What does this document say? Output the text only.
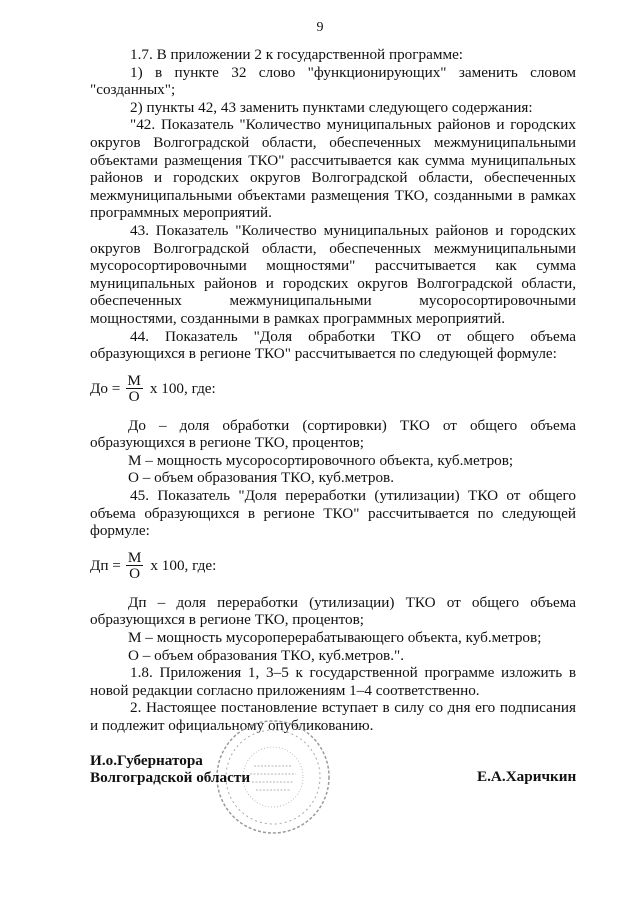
9

1.7. В приложении 2 к государственной программе:

1) в пункте 32 слово "функционирующих" заменить словом "созданных";

2) пункты 42, 43 заменить пунктами следующего содержания:

"42. Показатель "Количество муниципальных районов и городских округов Волгоградской области, обеспеченных межмуниципальными объектами размещения ТКО" рассчитывается как сумма муниципальных районов и городских округов Волгоградской области, обеспеченных межмуниципальными объектами размещения ТКО, созданными в рамках программных мероприятий.

43. Показатель "Количество муниципальных районов и городских округов Волгоградской области, обеспеченных межмуниципальными мусоросортировочными мощностями" рассчитывается как сумма муниципальных районов и городских округов Волгоградской области, обеспеченных межмуниципальными мусоросортировочными мощностями, созданными в рамках программных мероприятий.

44. Показатель "Доля обработки ТКО от общего объема образующихся в регионе ТКО" рассчитывается по следующей формуле:

До = $\frac{М}{О}$ х 100, где:

До – доля обработки (сортировки) ТКО от общего объема образующихся в регионе ТКО, процентов;

М – мощность мусоросортировочного объекта, куб.метров;

О – объем образования ТКО, куб.метров.

45. Показатель "Доля переработки (утилизации) ТКО от общего объема образующихся в регионе ТКО" рассчитывается по следующей формуле:

Дп = $\frac{М}{О}$ х 100, где:

Дп – доля переработки (утилизации) ТКО от общего объема образующихся в регионе ТКО, процентов;

М – мощность мусороперерабатывающего объекта, куб.метров;

О – объем образования ТКО, куб.метров.".

1.8. Приложения 1, 3–5 к государственной программе изложить в новой редакции согласно приложениям 1–4 соответственно.

2. Настоящее постановление вступает в силу со дня его подписания и подлежит официальному опубликованию.

И.о.Губернатора
Волгоградской области	Е.А.Харичкин
